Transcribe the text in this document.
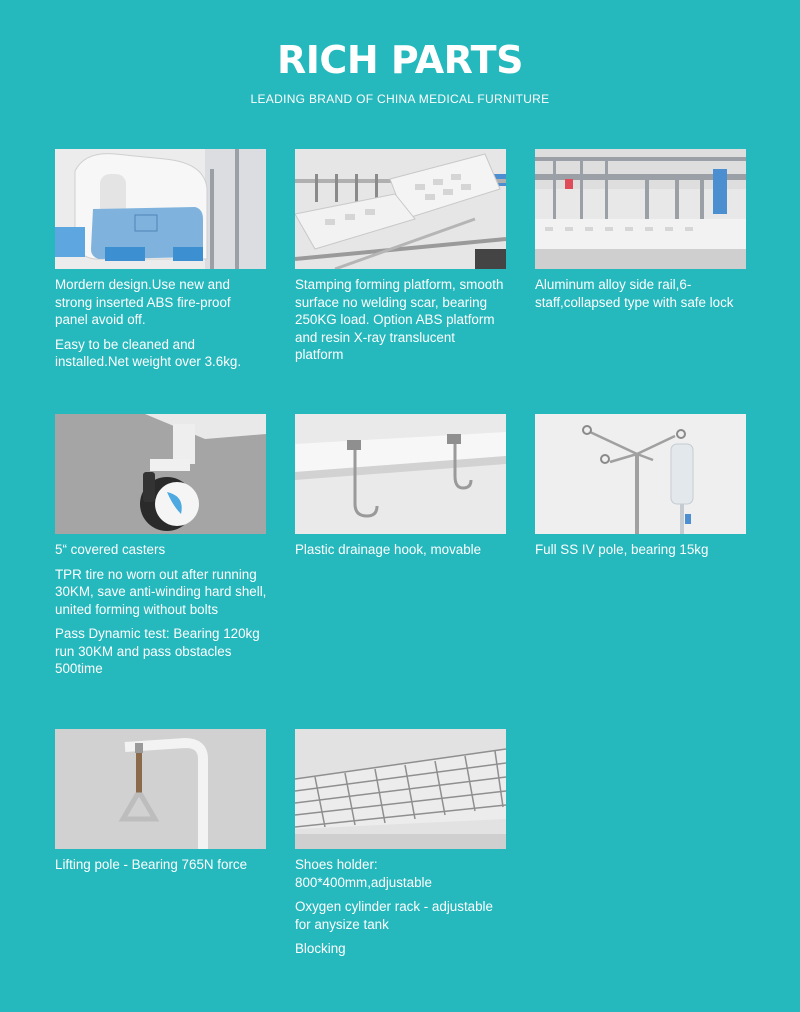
RICH PARTS
LEADING BRAND OF CHINA MEDICAL FURNITURE

Mordern design.Use new and strong inserted ABS fire-proof panel avoid off.

Easy to be cleaned and installed.Net weight over 3.6kg.

Stamping forming platform, smooth surface no welding scar, bearing 250KG load. Option ABS platform and resin X-ray translucent platform

Aluminum alloy side rail,6-staff,collapsed type with safe lock

5“ covered casters

TPR tire no worn out after running 30KM, save anti-winding hard shell, united forming without bolts

Pass Dynamic test: Bearing 120kg run 30KM and pass obstacles 500time

Plastic drainage hook, movable	Full SS IV pole, bearing 15kg

Lifting pole - Bearing 765N force	Shoes holder: 800*400mm,adjustable

Oxygen cylinder rack - adjustable for anysize tank

Blocking
